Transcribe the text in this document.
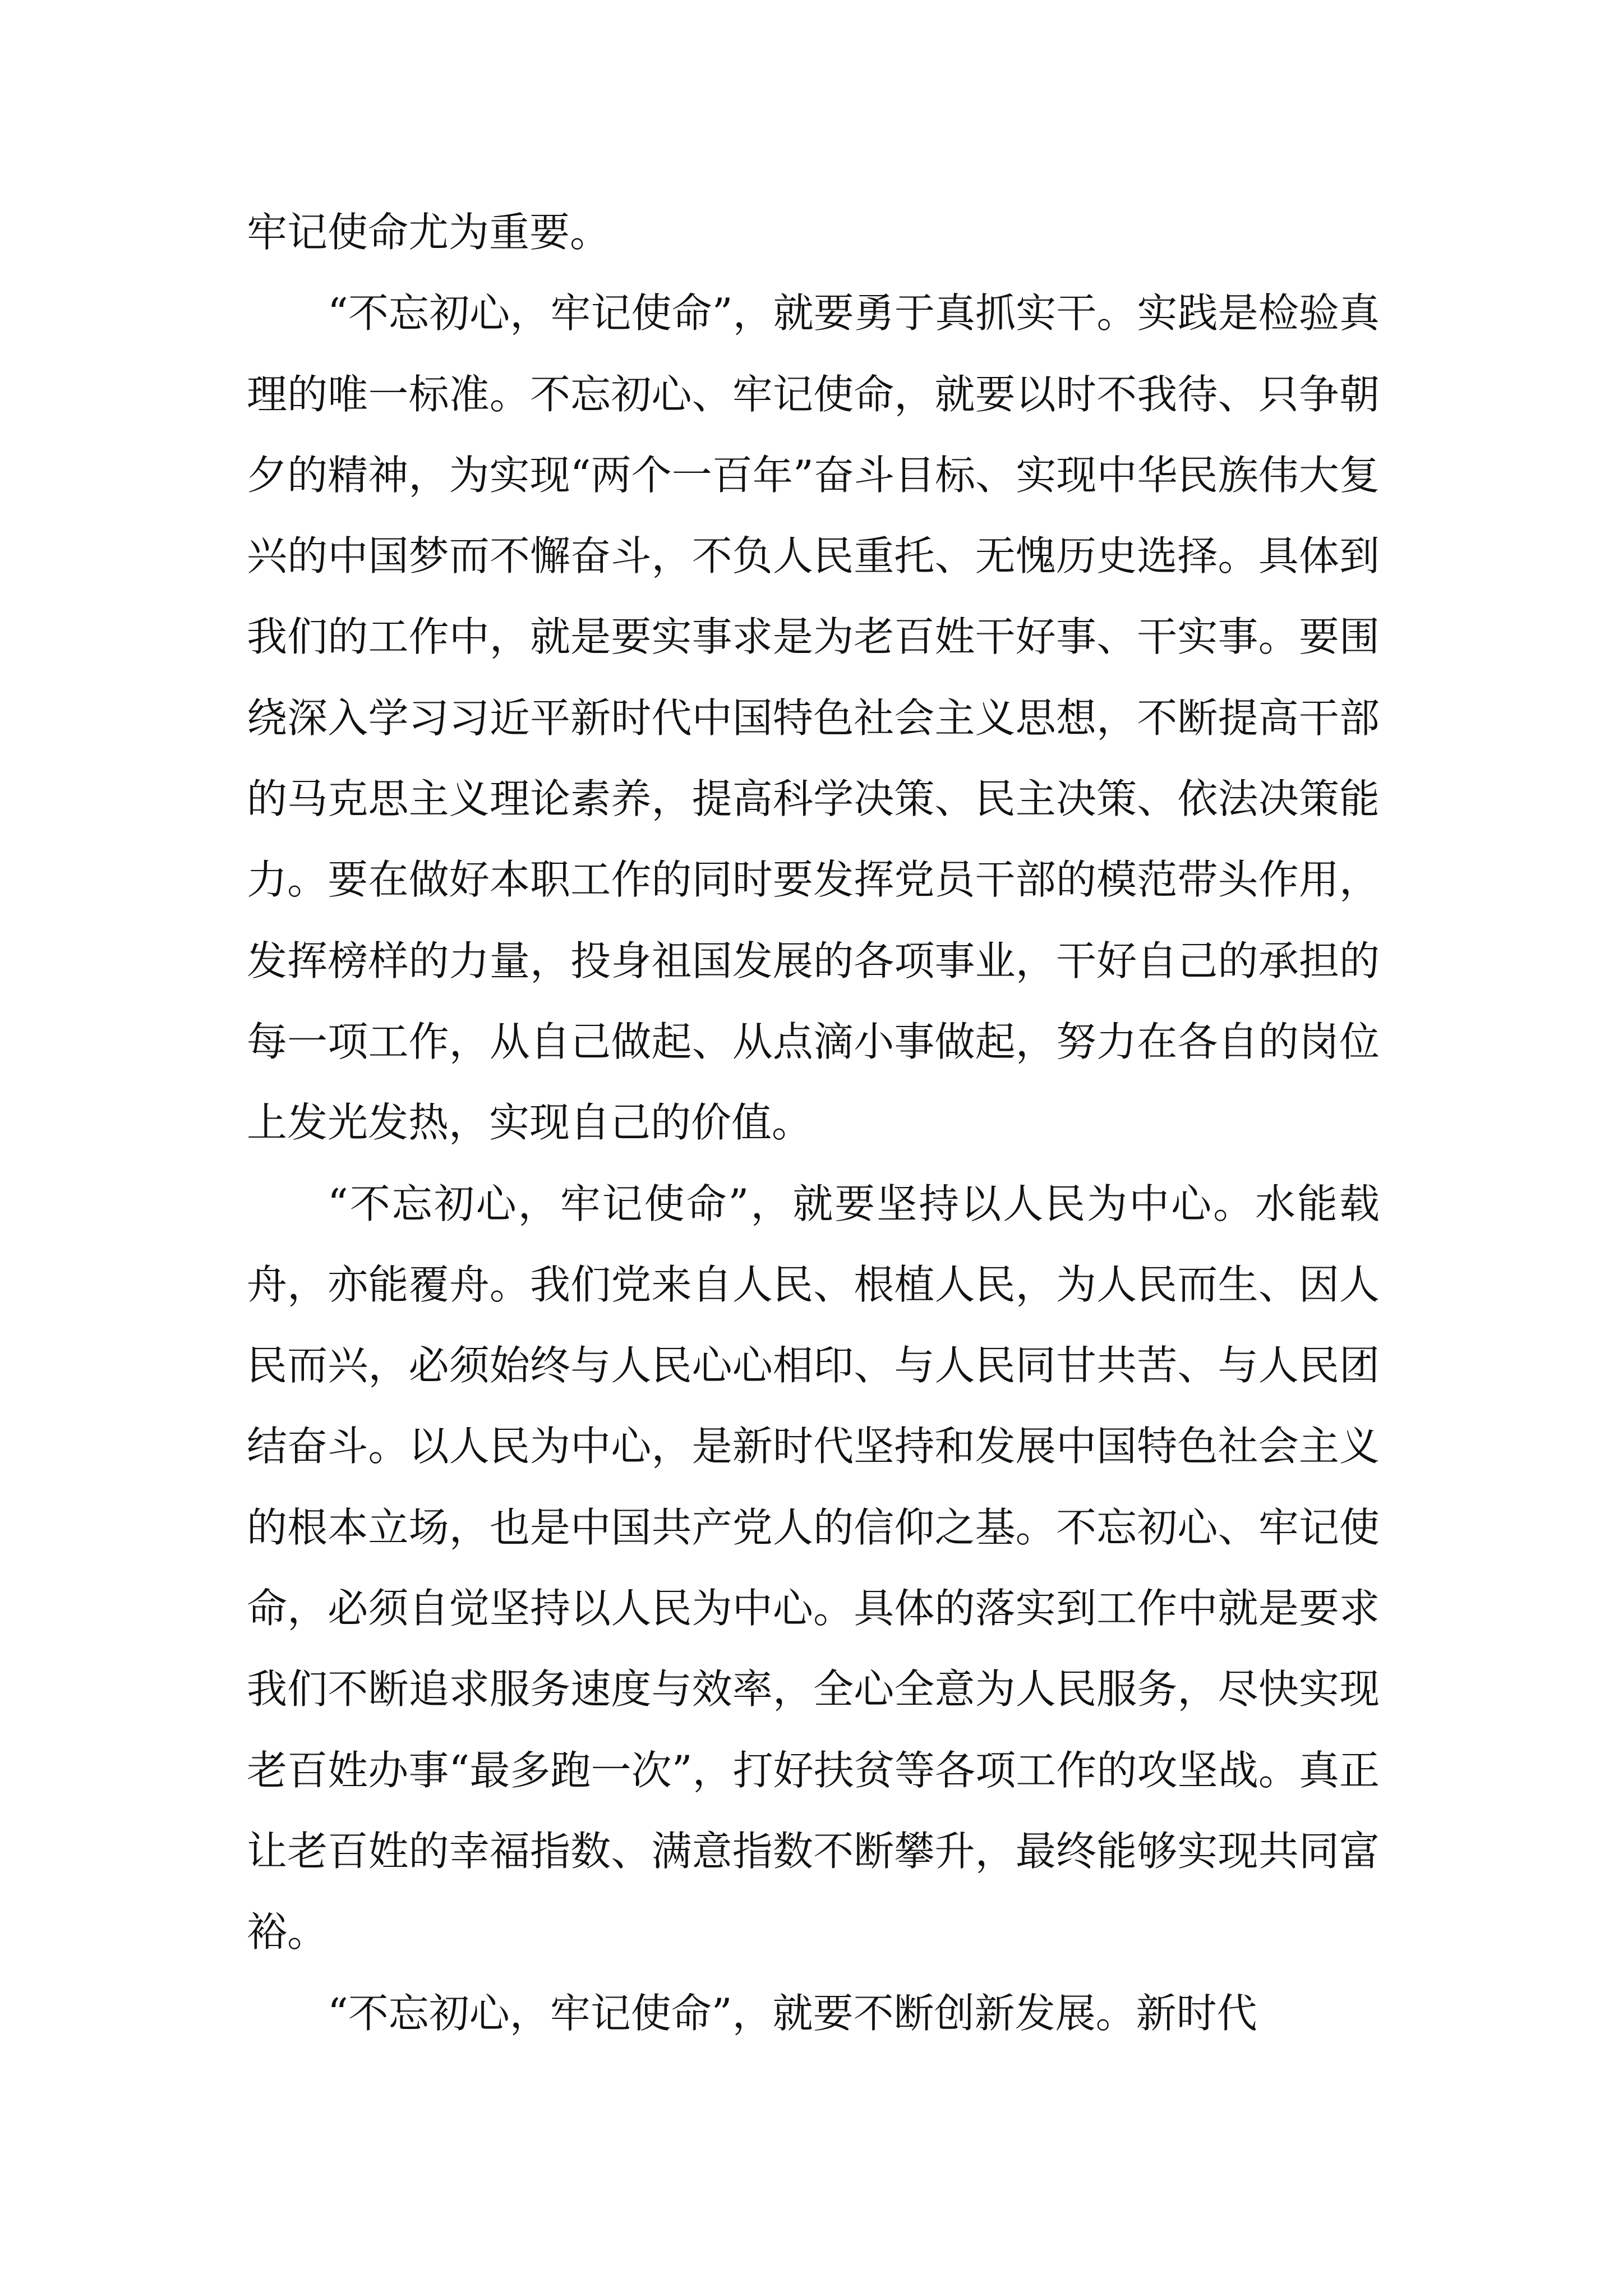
牢记使命尤为重要。

“不忘初心，牢记使命”，就要勇于真抓实干。实践是检验真理的唯一标准。不忘初心、牢记使命，就要以时不我待、只争朝夕的精神，为实现“两个一百年”奋斗目标、实现中华民族伟大复兴的中国梦而不懈奋斗，不负人民重托、无愧历史选择。具体到我们的工作中，就是要实事求是为老百姓干好事、干实事。要围绕深入学习习近平新时代中国特色社会主义思想，不断提高干部的马克思主义理论素养，提高科学决策、民主决策、依法决策能力。要在做好本职工作的同时要发挥党员干部的模范带头作用，发挥榜样的力量，投身祖国发展的各项事业，干好自己的承担的每一项工作，从自己做起、从点滴小事做起，努力在各自的岗位上发光发热，实现自己的价值。

“不忘初心，牢记使命”，就要坚持以人民为中心。水能载舟，亦能覆舟。我们党来自人民、根植人民，为人民而生、因人民而兴，必须始终与人民心心相印、与人民同甘共苦、与人民团结奋斗。以人民为中心，是新时代坚持和发展中国特色社会主义的根本立场，也是中国共产党人的信仰之基。不忘初心、牢记使命，必须自觉坚持以人民为中心。具体的落实到工作中就是要求我们不断追求服务速度与效率，全心全意为人民服务，尽快实现老百姓办事“最多跑一次”，打好扶贫等各项工作的攻坚战。真正让老百姓的幸福指数、满意指数不断攀升，最终能够实现共同富裕。

“不忘初心，牢记使命”，就要不断创新发展。新时代
